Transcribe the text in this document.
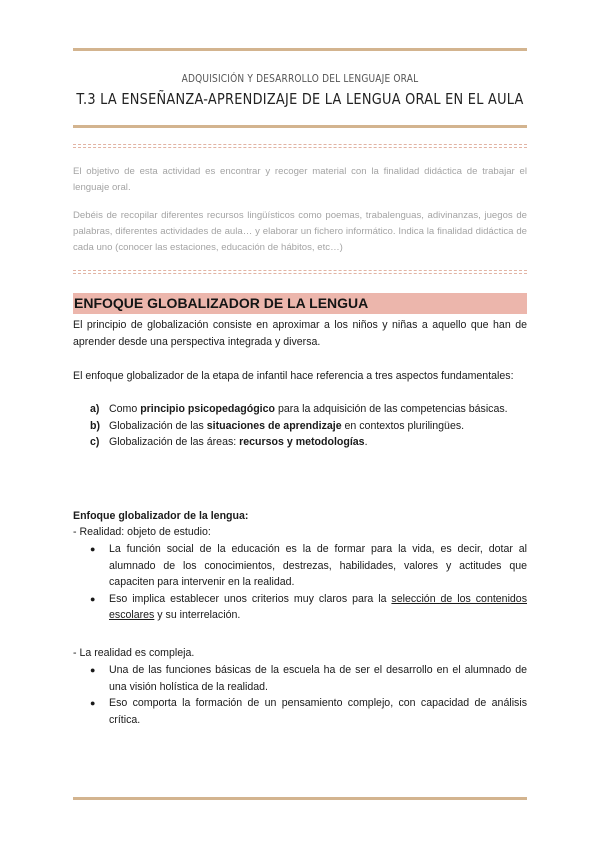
ADQUISICIÓN Y DESARROLLO DEL LENGUAJE ORAL
T.3 LA ENSEÑANZA-APRENDIZAJE DE LA LENGUA ORAL EN EL AULA

El objetivo de esta actividad es encontrar y recoger material con la finalidad didáctica de trabajar el lenguaje oral.

Debéis de recopilar diferentes recursos lingüísticos como poemas, trabalenguas, adivinanzas, juegos de palabras, diferentes actividades de aula… y elaborar un fichero informático. Indica la finalidad didáctica de cada uno (conocer las estaciones, educación de hábitos, etc…)

ENFOQUE GLOBALIZADOR DE LA LENGUA

El principio de globalización consiste en aproximar a los niños y niñas a aquello que han de aprender desde una perspectiva integrada y diversa.

El enfoque globalizador de la etapa de infantil hace referencia a tres aspectos fundamentales:

a) Como principio psicopedagógico para la adquisición de las competencias básicas.
b) Globalización de las situaciones de aprendizaje en contextos plurilingües.
c) Globalización de las áreas: recursos y metodologías.
Enfoque globalizador de la lengua:
- Realidad: objeto de estudio:
● La función social de la educación es la de formar para la vida, es decir, dotar al alumnado de los conocimientos, destrezas, habilidades, valores y actitudes que capaciten para intervenir en la realidad.
● Eso implica establecer unos criterios muy claros para la selección de los contenidos escolares y su interrelación.
- La realidad es compleja.
● Una de las funciones básicas de la escuela ha de ser el desarrollo en el alumnado de una visión holística de la realidad.
● Eso comporta la formación de un pensamiento complejo, con capacidad de análisis crítica.
